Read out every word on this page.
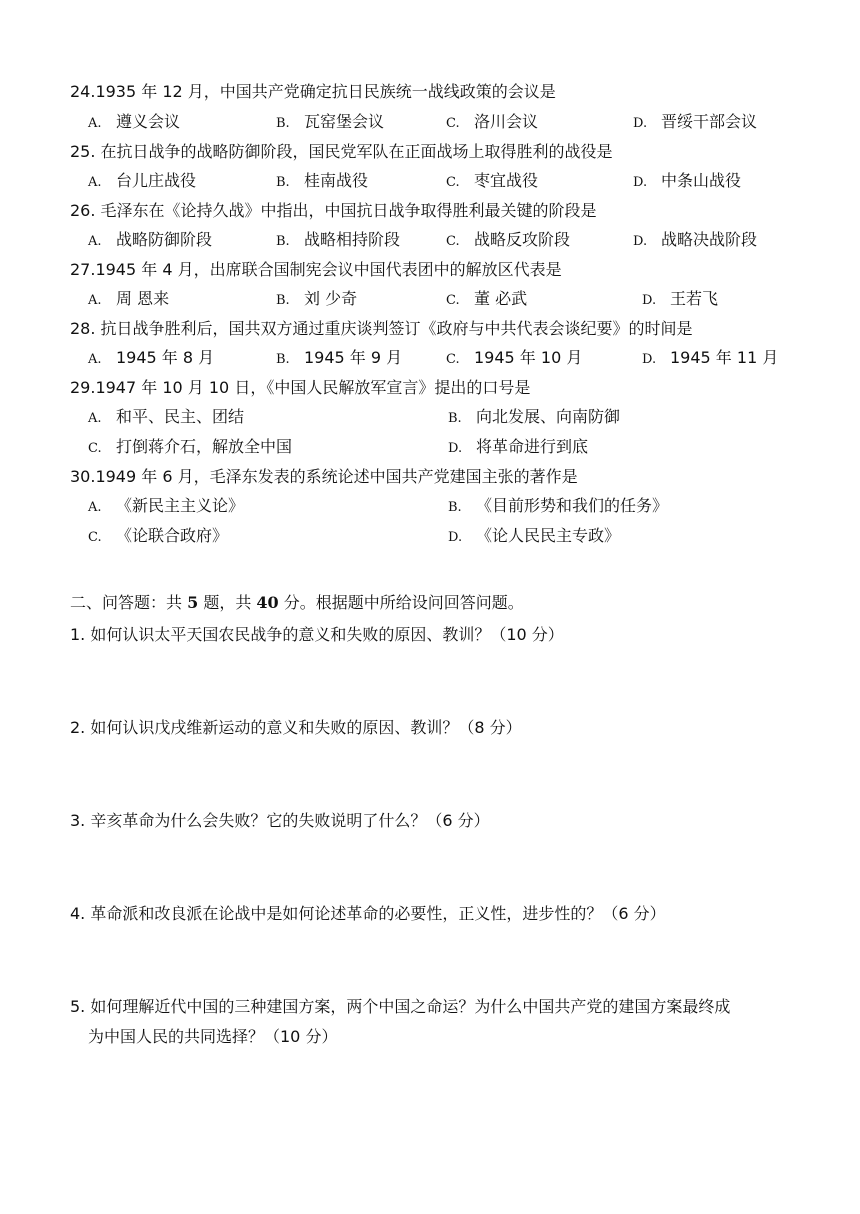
24.1935 年 12 月，中国共产党确定抗日民族统一战线政策的会议是
A. 遵义会议	B. 瓦窑堡会议	C. 洛川会议	D. 晋绥干部会议
25. 在抗日战争的战略防御阶段，国民党军队在正面战场上取得胜利的战役是
A. 台儿庄战役	B. 桂南战役	C. 枣宜战役	D. 中条山战役
26. 毛泽东在《论持久战》中指出，中国抗日战争取得胜利最关键的阶段是
A. 战略防御阶段	B. 战略相持阶段	C. 战略反攻阶段	D. 战略决战阶段
27.1945 年 4 月，出席联合国制宪会议中国代表团中的解放区代表是
A. 周 恩来	B. 刘 少奇	C. 董 必武	D. 王若飞
28. 抗日战争胜利后，国共双方通过重庆谈判签订《政府与中共代表会谈纪要》的时间是
A. 1945 年 8 月	B. 1945 年 9 月	C. 1945 年 10 月	D. 1945 年 11 月
29.1947 年 10 月 10 日，《中国人民解放军宣言》提出的口号是
A. 和平、民主、团结	B. 向北发展、向南防御
C. 打倒蒋介石，解放全中国	D. 将革命进行到底
30.1949 年 6 月，毛泽东发表的系统论述中国共产党建国主张的著作是
A. 《新民主主义论》	B. 《目前形势和我们的任务》
C. 《论联合政府》	D. 《论人民民主专政》
二、问答题：共 5 题，共 40 分。根据题中所给设问回答问题。
1. 如何认识太平天国农民战争的意义和失败的原因、教训？（10 分）
2. 如何认识戊戌维新运动的意义和失败的原因、教训？（8 分）
3. 辛亥革命为什么会失败？它的失败说明了什么？（6 分）
4. 革命派和改良派在论战中是如何论述革命的必要性，正义性，进步性的？（6 分）
5. 如何理解近代中国的三种建国方案，两个中国之命运？为什么中国共产党的建国方案最终成
为中国人民的共同选择？（10 分）
